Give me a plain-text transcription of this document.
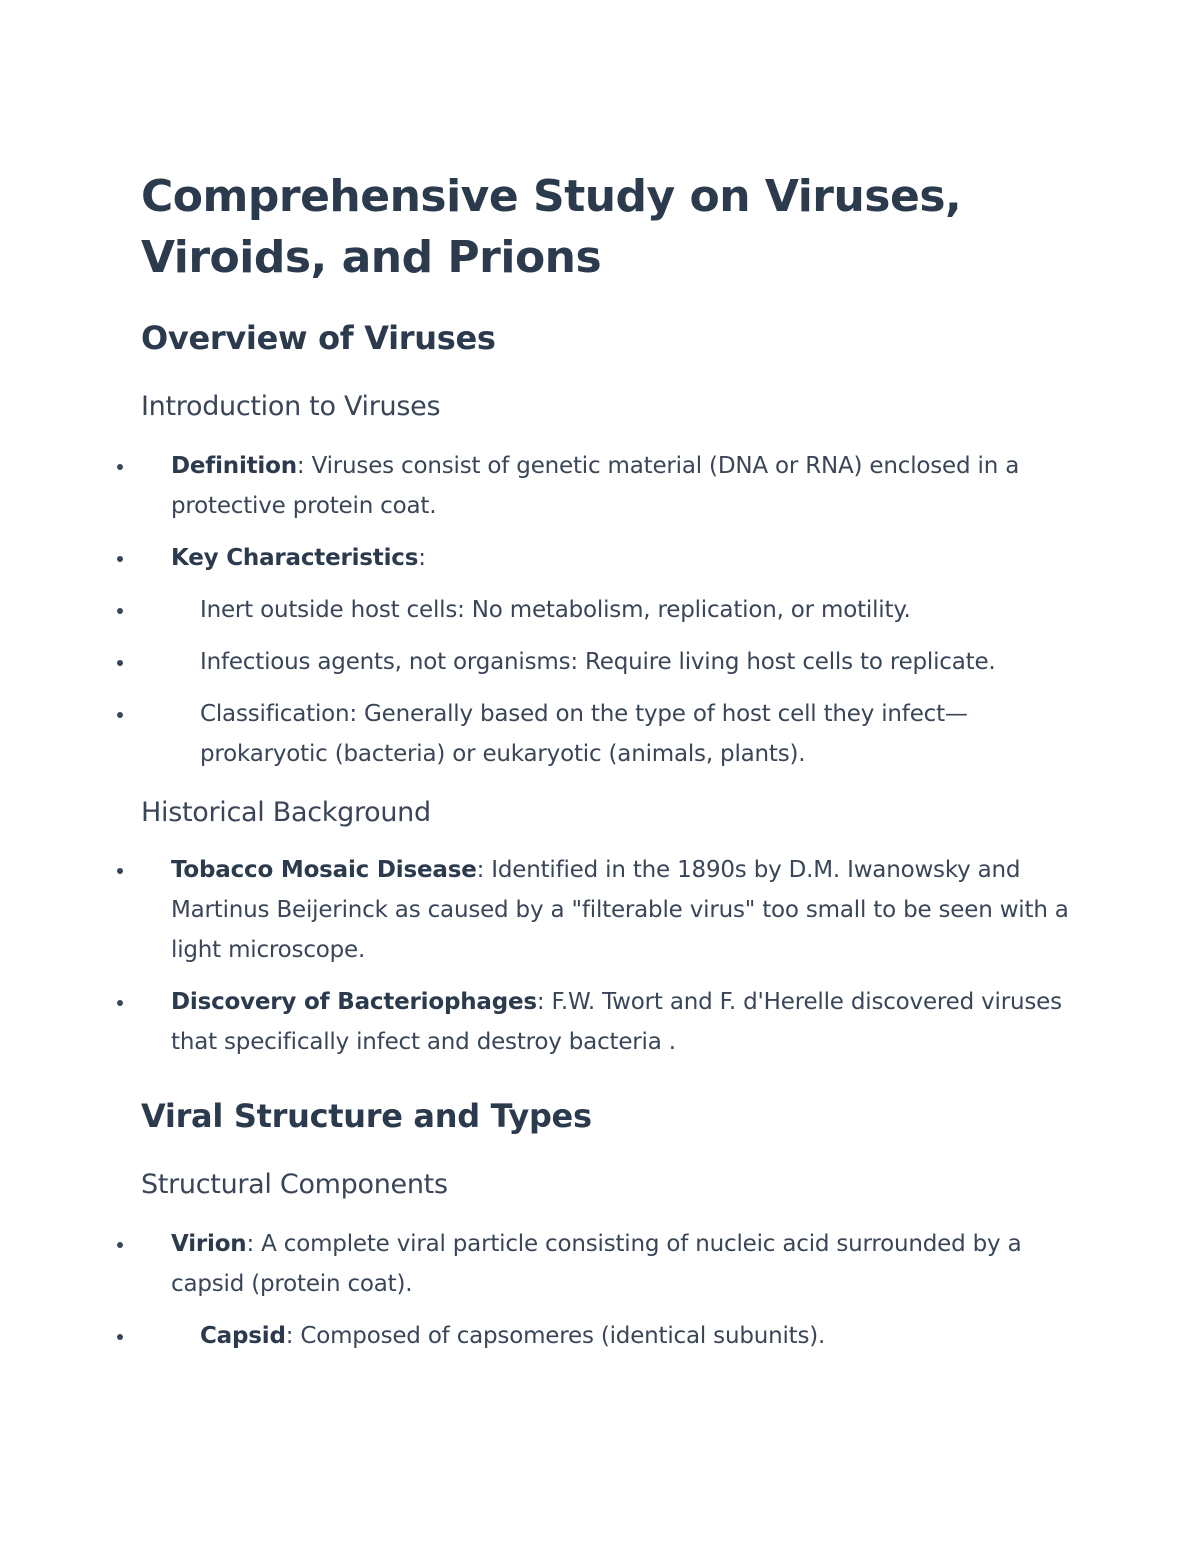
Comprehensive Study on Viruses, Viroids, and Prions
Overview of Viruses
Introduction to Viruses
Definition: Viruses consist of genetic material (DNA or RNA) enclosed in a protective protein coat.
Key Characteristics:
Inert outside host cells: No metabolism, replication, or motility.
Infectious agents, not organisms: Require living host cells to replicate.
Classification: Generally based on the type of host cell they infect—prokaryotic (bacteria) or eukaryotic (animals, plants).
Historical Background
Tobacco Mosaic Disease: Identified in the 1890s by D.M. Iwanowsky and Martinus Beijerinck as caused by a "filterable virus" too small to be seen with a light microscope.
Discovery of Bacteriophages: F.W. Twort and F. d'Herelle discovered viruses that specifically infect and destroy bacteria .
Viral Structure and Types
Structural Components
Virion: A complete viral particle consisting of nucleic acid surrounded by a capsid (protein coat).
Capsid: Composed of capsomeres (identical subunits).
